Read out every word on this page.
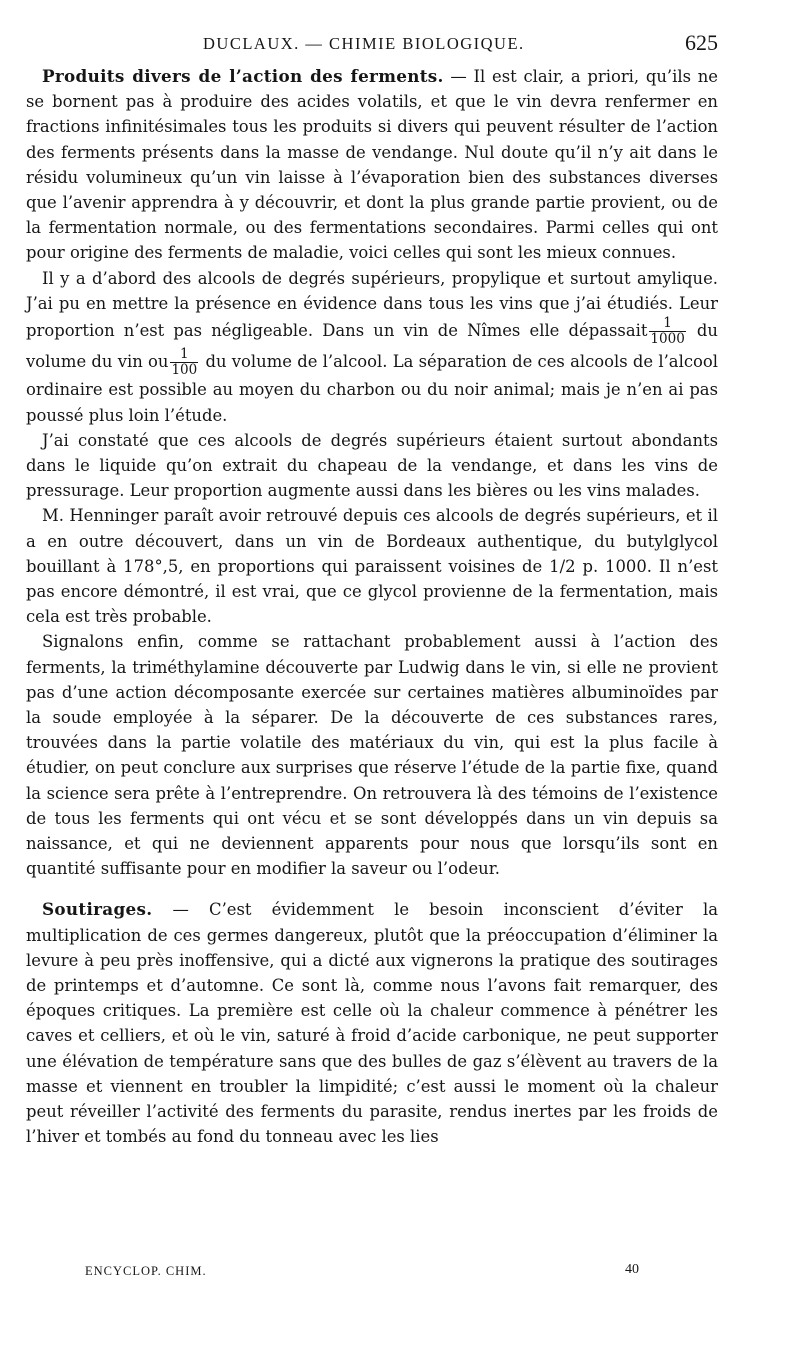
DUCLAUX. — CHIMIE BIOLOGIQUE.	625

Produits divers de l’action des ferments. — Il est clair, a priori, qu’ils ne se bornent pas à produire des acides volatils, et que le vin devra renfermer en fractions infinitésimales tous les produits si divers qui peuvent résulter de l’action des ferments présents dans la masse de vendange. Nul doute qu’il n’y ait dans le résidu volumineux qu’un vin laisse à l’évaporation bien des substances diverses que l’avenir apprendra à y découvrir, et dont la plus grande partie provient, ou de la fermentation normale, ou des fermentations secondaires. Parmi celles qui ont pour origine des ferments de maladie, voici celles qui sont les mieux connues.

Il y a d’abord des alcools de degrés supérieurs, propylique et surtout amylique. J’ai pu en mettre la présence en évidence dans tous les vins que j’ai étudiés. Leur proportion n’est pas négligeable. Dans un vin de Nîmes elle dépassait $\frac{1}{1000}$ du volume du vin ou $\frac{1}{100}$ du volume de l’alcool. La séparation de ces alcools de l’alcool ordinaire est possible au moyen du charbon ou du noir animal; mais je n’en ai pas poussé plus loin l’étude.

J’ai constaté que ces alcools de degrés supérieurs étaient surtout abondants dans le liquide qu’on extrait du chapeau de la vendange, et dans les vins de pressurage. Leur proportion augmente aussi dans les bières ou les vins malades.

M. Henninger paraît avoir retrouvé depuis ces alcools de degrés supérieurs, et il a en outre découvert, dans un vin de Bordeaux authentique, du butylglycol bouillant à 178°,5, en proportions qui paraissent voisines de 1/2 p. 1000. Il n’est pas encore démontré, il est vrai, que ce glycol provienne de la fermentation, mais cela est très probable.

Signalons enfin, comme se rattachant probablement aussi à l’action des ferments, la triméthylamine découverte par Ludwig dans le vin, si elle ne provient pas d’une action décomposante exercée sur certaines matières albuminoïdes par la soude employée à la séparer. De la découverte de ces substances rares, trouvées dans la partie volatile des matériaux du vin, qui est la plus facile à étudier, on peut conclure aux surprises que réserve l’étude de la partie fixe, quand la science sera prête à l’entreprendre. On retrouvera là des témoins de l’existence de tous les ferments qui ont vécu et se sont développés dans un vin depuis sa naissance, et qui ne deviennent apparents pour nous que lorsqu’ils sont en quantité suffisante pour en modifier la saveur ou l’odeur.

Soutirages. — C’est évidemment le besoin inconscient d’éviter la multiplication de ces germes dangereux, plutôt que la préoccupation d’éliminer la levure à peu près inoffensive, qui a dicté aux vignerons la pratique des soutirages de printemps et d’automne. Ce sont là, comme nous l’avons fait remarquer, des époques critiques. La première est celle où la chaleur commence à pénétrer les caves et celliers, et où le vin, saturé à froid d’acide carbonique, ne peut supporter une élévation de température sans que des bulles de gaz s’élèvent au travers de la masse et viennent en troubler la limpidité; c’est aussi le moment où la chaleur peut réveiller l’activité des ferments du parasite, rendus inertes par les froids de l’hiver et tombés au fond du tonneau avec les lies

ENCYCLOP. CHIM.	40
